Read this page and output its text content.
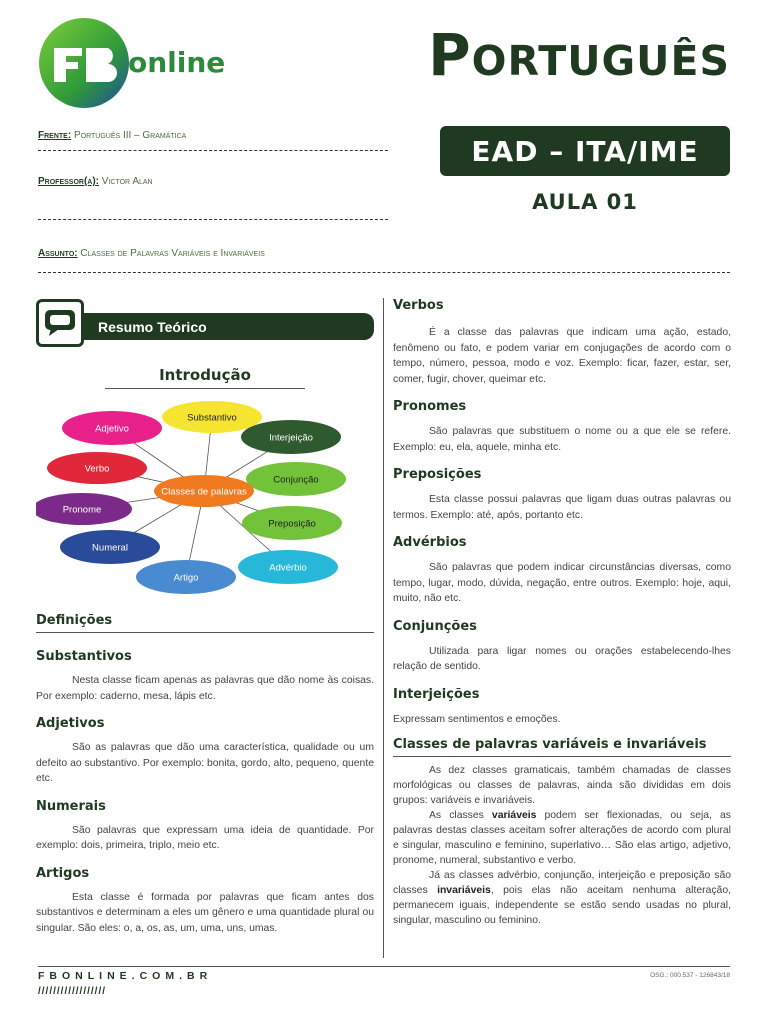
online	Português
EAD – ITA/IME
AULA 01
Frente: Português III – Gramática
Professor(a): Victor Alan
Assunto: Classes de Palavras Variáveis e Invariáveis
Resumo Teórico
Introdução
Substantivo
Interjeição
Conjunção
Preposição
Advérbio
Artigo
Numeral
Pronome
Verbo
Adjetivo
Classes de palavras
Definições
Substantivos

Nesta classe ficam apenas as palavras que dão nome às coisas. Por exemplo: caderno, mesa, lápis etc.

Adjetivos

São as palavras que dão uma característica, qualidade ou um defeito ao substantivo. Por exemplo: bonita, gordo, alto, pequeno, quente etc.

Numerais

São palavras que expressam uma ideia de quantidade. Por exemplo: dois, primeira, triplo, meio etc.

Artigos

Esta classe é formada por palavras que ficam antes dos substantivos e determinam a eles um gênero e uma quantidade plural ou singular. São eles: o, a, os, as, um, uma, uns, umas.

Verbos

É a classe das palavras que indicam uma ação, estado, fenômeno ou fato, e podem variar em conjugações de acordo com o tempo, número, pessoa, modo e voz. Exemplo: ficar, fazer, estar, ser, comer, fugir, chover, queimar etc.

Pronomes

São palavras que substituem o nome ou a que ele se refere. Exemplo: eu, ela, aquele, minha etc.

Preposições

Esta classe possui palavras que ligam duas outras palavras ou termos. Exemplo: até, após, portanto etc.

Advérbios

São palavras que podem indicar circunstâncias diversas, como tempo, lugar, modo, dúvida, negação, entre outros. Exemplo: hoje, aqui, muito, não etc.

Conjunções

Utilizada para ligar nomes ou orações estabelecendo-lhes relação de sentido.

Interjeições

Expressam sentimentos e emoções.

Classes de palavras variáveis e invariáveis

As dez classes gramaticais, também chamadas de classes morfológicas ou classes de palavras, ainda são divididas em dois grupos: variáveis e invariáveis.

As classes variáveis podem ser flexionadas, ou seja, as palavras destas classes aceitam sofrer alterações de acordo com plural e singular, masculino e feminino, superlativo… São elas artigo, adjetivo, pronome, numeral, substantivo e verbo.

Já as classes advérbio, conjunção, interjeição e preposição são classes invariáveis, pois elas não aceitam nenhuma alteração, permanecem iguais, independente se estão sendo usadas no plural, singular, masculino ou feminino.

FBONLINE.COM.BR
//////////////////
OSG.: 000.537 - 126843/18
